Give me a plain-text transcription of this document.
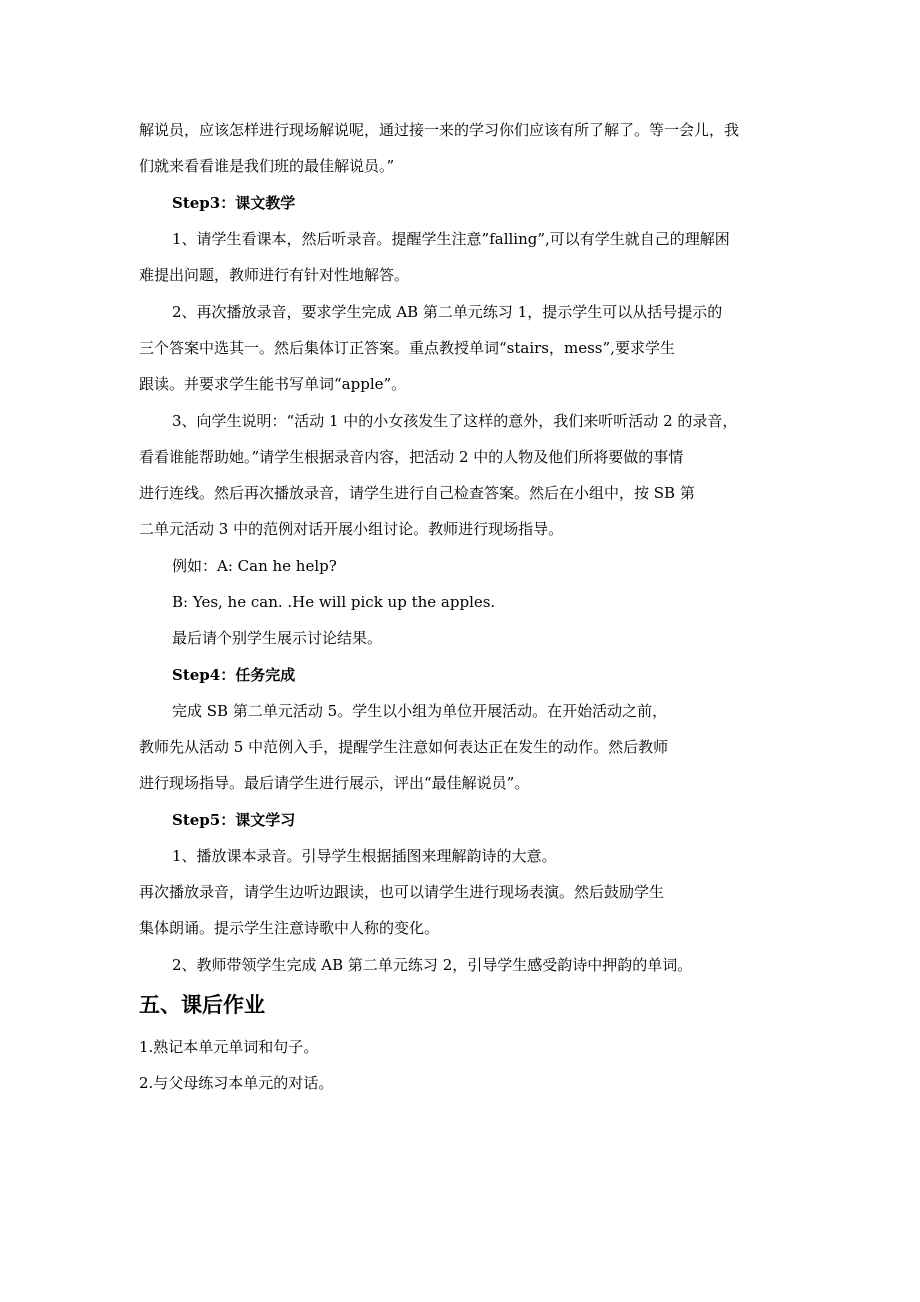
解说员，应该怎样进行现场解说呢，通过接一来的学习你们应该有所了解了。等一会儿，我
们就来看看谁是我们班的最佳解说员。”
Step3：课文教学
1、请学生看课本，然后听录音。提醒学生注意”falling”,可以有学生就自己的理解困
难提出问题，教师进行有针对性地解答。
2、再次播放录音，要求学生完成 AB 第二单元练习 1，提示学生可以从括号提示的
三个答案中选其一。然后集体订正答案。重点教授单词“stairs，mess”,要求学生
跟读。并要求学生能书写单词“apple”。
3、向学生说明：“活动 1 中的小女孩发生了这样的意外，我们来听听活动 2 的录音，
看看谁能帮助她。”请学生根据录音内容，把活动 2 中的人物及他们所将要做的事情
进行连线。然后再次播放录音，请学生进行自己检查答案。然后在小组中，按 SB 第
二单元活动 3 中的范例对话开展小组讨论。教师进行现场指导。
例如：A: Can he help?
B: Yes, he can. .He will pick up the apples.
最后请个别学生展示讨论结果。
Step4：任务完成
完成 SB 第二单元活动 5。学生以小组为单位开展活动。在开始活动之前，
教师先从活动 5 中范例入手，提醒学生注意如何表达正在发生的动作。然后教师
进行现场指导。最后请学生进行展示，评出“最佳解说员”。
Step5：课文学习
1、播放课本录音。引导学生根据插图来理解韵诗的大意。
再次播放录音，请学生边听边跟读，也可以请学生进行现场表演。然后鼓励学生
集体朗诵。提示学生注意诗歌中人称的变化。
2、教师带领学生完成 AB 第二单元练习 2，引导学生感受韵诗中押韵的单词。
五、课后作业
1.熟记本单元单词和句子。
2.与父母练习本单元的对话。
